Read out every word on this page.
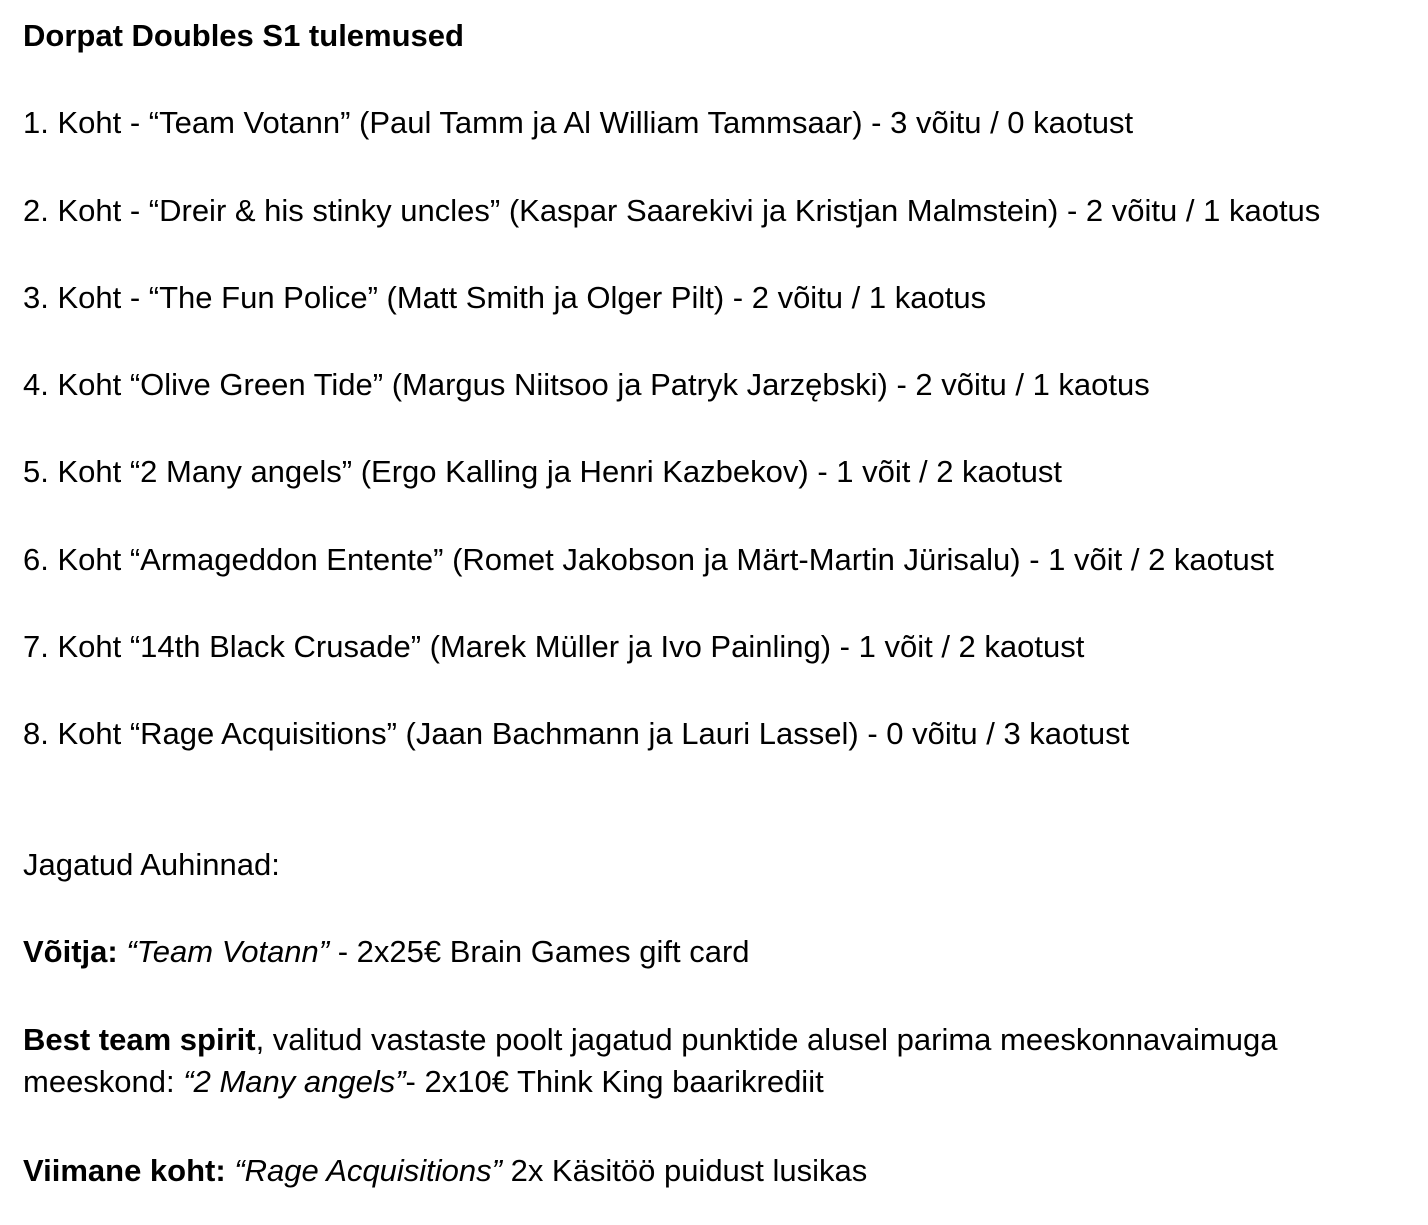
Dorpat Doubles S1 tulemused

1. Koht - “Team Votann” (Paul Tamm ja Al William Tammsaar) - 3 võitu / 0 kaotust

2. Koht - “Dreir & his stinky uncles” (Kaspar Saarekivi ja Kristjan Malmstein) - 2 võitu / 1 kaotus

3. Koht - “The Fun Police” (Matt Smith ja Olger Pilt) - 2 võitu / 1 kaotus

4. Koht “Olive Green Tide” (Margus Niitsoo ja Patryk Jarzębski) - 2 võitu / 1 kaotus

5. Koht “2 Many angels” (Ergo Kalling ja Henri Kazbekov) - 1 võit / 2 kaotust

6. Koht “Armageddon Entente” (Romet Jakobson ja Märt-Martin Jürisalu) - 1 võit / 2 kaotust

7. Koht “14th Black Crusade” (Marek Müller ja Ivo Painling) - 1 võit / 2 kaotust

8. Koht “Rage Acquisitions” (Jaan Bachmann ja Lauri Lassel) - 0 võitu / 3 kaotust

Jagatud Auhinnad:

Võitja: “Team Votann” - 2x25€ Brain Games gift card

Best team spirit, valitud vastaste poolt jagatud punktide alusel parima meeskonnavaimuga meeskond: “2 Many angels”- 2x10€ Think King baarikrediit

Viimane koht: “Rage Acquisitions” 2x Käsitöö puidust lusikas
